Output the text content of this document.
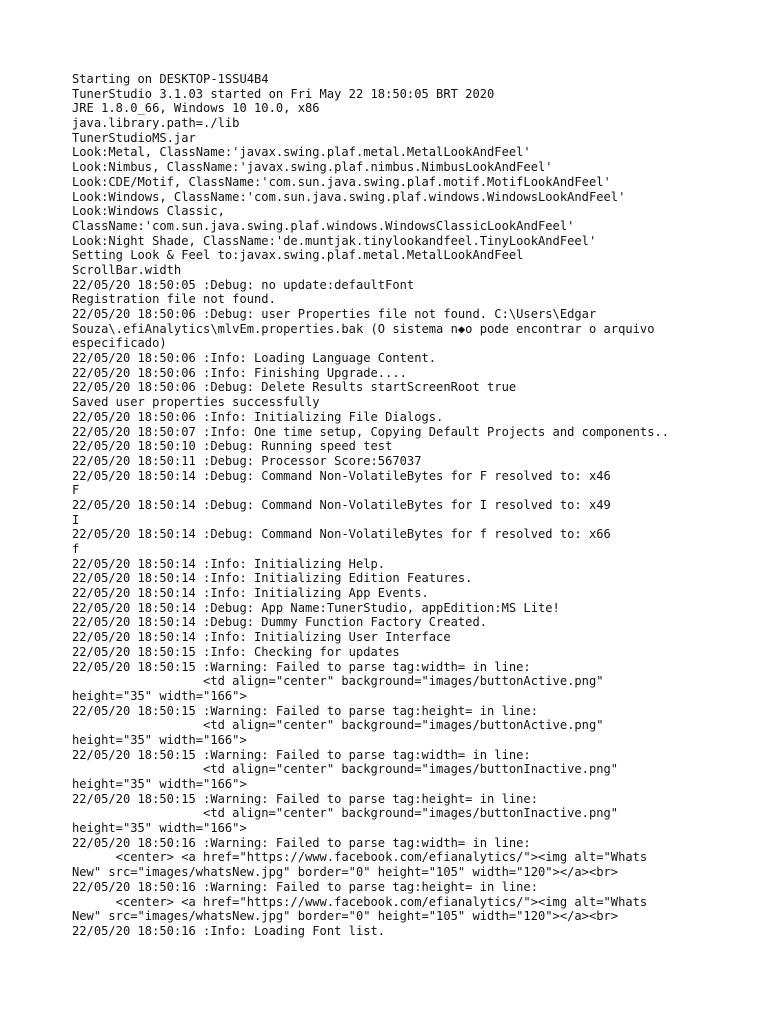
Starting on DESKTOP-1SSU4B4
TunerStudio 3.1.03 started on Fri May 22 18:50:05 BRT 2020
JRE 1.8.0_66, Windows 10 10.0, x86
java.library.path=./lib
TunerStudioMS.jar
Look:Metal, ClassName:'javax.swing.plaf.metal.MetalLookAndFeel'
Look:Nimbus, ClassName:'javax.swing.plaf.nimbus.NimbusLookAndFeel'
Look:CDE/Motif, ClassName:'com.sun.java.swing.plaf.motif.MotifLookAndFeel'
Look:Windows, ClassName:'com.sun.java.swing.plaf.windows.WindowsLookAndFeel'
Look:Windows Classic,
ClassName:'com.sun.java.swing.plaf.windows.WindowsClassicLookAndFeel'
Look:Night Shade, ClassName:'de.muntjak.tinylookandfeel.TinyLookAndFeel'
Setting Look & Feel to:javax.swing.plaf.metal.MetalLookAndFeel
ScrollBar.width
22/05/20 18:50:05 :Debug: no update:defaultFont
Registration file not found.
22/05/20 18:50:06 :Debug: user Properties file not found. C:\Users\Edgar
Souza\.efiAnalytics\mlvEm.properties.bak (O sistema n◆o pode encontrar o arquivo
especificado)
22/05/20 18:50:06 :Info: Loading Language Content.
22/05/20 18:50:06 :Info: Finishing Upgrade....
22/05/20 18:50:06 :Debug: Delete Results startScreenRoot true
Saved user properties successfully
22/05/20 18:50:06 :Info: Initializing File Dialogs.
22/05/20 18:50:07 :Info: One time setup, Copying Default Projects and components..
22/05/20 18:50:10 :Debug: Running speed test
22/05/20 18:50:11 :Debug: Processor Score:567037
22/05/20 18:50:14 :Debug: Command Non-VolatileBytes for F resolved to: x46
F
22/05/20 18:50:14 :Debug: Command Non-VolatileBytes for I resolved to: x49
I
22/05/20 18:50:14 :Debug: Command Non-VolatileBytes for f resolved to: x66
f
22/05/20 18:50:14 :Info: Initializing Help.
22/05/20 18:50:14 :Info: Initializing Edition Features.
22/05/20 18:50:14 :Info: Initializing App Events.
22/05/20 18:50:14 :Debug: App Name:TunerStudio, appEdition:MS Lite!
22/05/20 18:50:14 :Debug: Dummy Function Factory Created.
22/05/20 18:50:14 :Info: Initializing User Interface
22/05/20 18:50:15 :Info: Checking for updates
22/05/20 18:50:15 :Warning: Failed to parse tag:width= in line:
<td align="center" background="images/buttonActive.png"
height="35" width="166">
22/05/20 18:50:15 :Warning: Failed to parse tag:height= in line:
<td align="center" background="images/buttonActive.png"
height="35" width="166">
22/05/20 18:50:15 :Warning: Failed to parse tag:width= in line:
<td align="center" background="images/buttonInactive.png"
height="35" width="166">
22/05/20 18:50:15 :Warning: Failed to parse tag:height= in line:
<td align="center" background="images/buttonInactive.png"
height="35" width="166">
22/05/20 18:50:16 :Warning: Failed to parse tag:width= in line:
<center> <a href="https://www.facebook.com/efianalytics/"><img alt="Whats
New" src="images/whatsNew.jpg" border="0" height="105" width="120"></a><br>
22/05/20 18:50:16 :Warning: Failed to parse tag:height= in line:
<center> <a href="https://www.facebook.com/efianalytics/"><img alt="Whats
New" src="images/whatsNew.jpg" border="0" height="105" width="120"></a><br>
22/05/20 18:50:16 :Info: Loading Font list.
